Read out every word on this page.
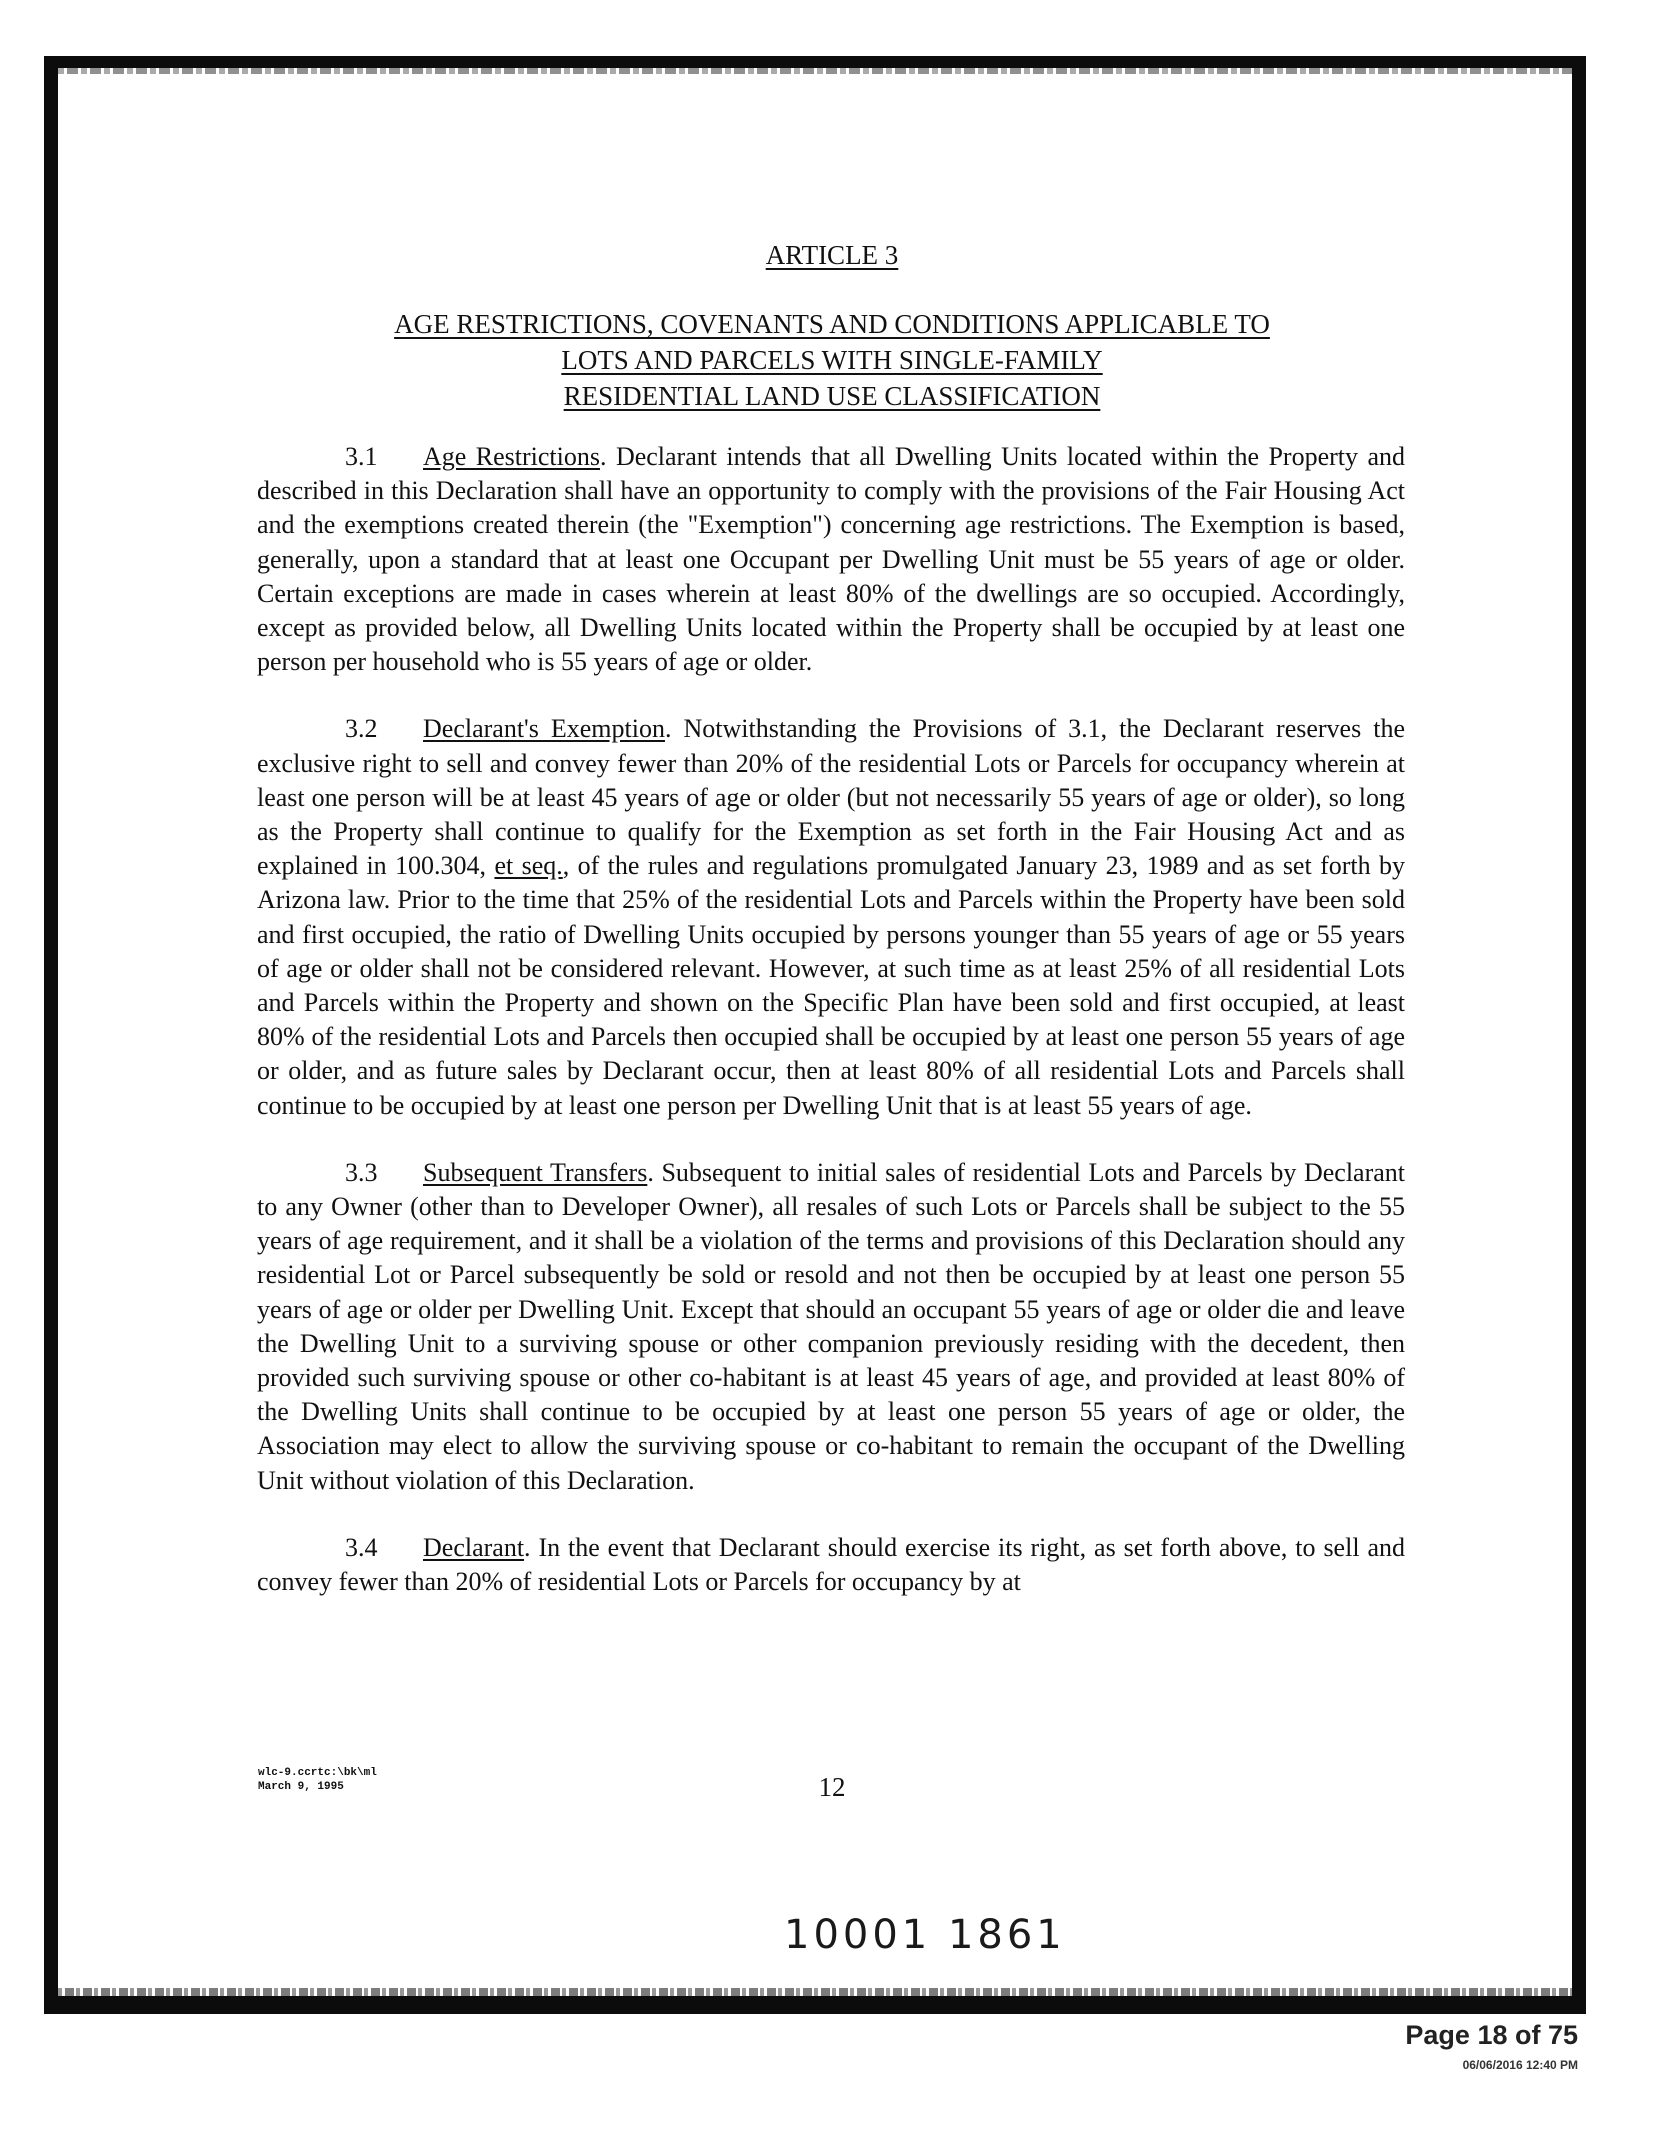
ARTICLE 3
AGE RESTRICTIONS, COVENANTS AND CONDITIONS APPLICABLE TO
LOTS AND PARCELS WITH SINGLE-FAMILY
RESIDENTIAL LAND USE CLASSIFICATION

3.1 Age Restrictions. Declarant intends that all Dwelling Units located within the Property and described in this Declaration shall have an opportunity to comply with the provisions of the Fair Housing Act and the exemptions created therein (the "Exemption") concerning age restrictions. The Exemption is based, generally, upon a standard that at least one Occupant per Dwelling Unit must be 55 years of age or older. Certain exceptions are made in cases wherein at least 80% of the dwellings are so occupied. Accordingly, except as provided below, all Dwelling Units located within the Property shall be occupied by at least one person per household who is 55 years of age or older.

3.2 Declarant's Exemption. Notwithstanding the Provisions of 3.1, the Declarant reserves the exclusive right to sell and convey fewer than 20% of the residential Lots or Parcels for occupancy wherein at least one person will be at least 45 years of age or older (but not necessarily 55 years of age or older), so long as the Property shall continue to qualify for the Exemption as set forth in the Fair Housing Act and as explained in 100.304, et seq., of the rules and regulations promulgated January 23, 1989 and as set forth by Arizona law. Prior to the time that 25% of the residential Lots and Parcels within the Property have been sold and first occupied, the ratio of Dwelling Units occupied by persons younger than 55 years of age or 55 years of age or older shall not be considered relevant. However, at such time as at least 25% of all residential Lots and Parcels within the Property and shown on the Specific Plan have been sold and first occupied, at least 80% of the residential Lots and Parcels then occupied shall be occupied by at least one person 55 years of age or older, and as future sales by Declarant occur, then at least 80% of all residential Lots and Parcels shall continue to be occupied by at least one person per Dwelling Unit that is at least 55 years of age.

3.3 Subsequent Transfers. Subsequent to initial sales of residential Lots and Parcels by Declarant to any Owner (other than to Developer Owner), all resales of such Lots or Parcels shall be subject to the 55 years of age requirement, and it shall be a violation of the terms and provisions of this Declaration should any residential Lot or Parcel subsequently be sold or resold and not then be occupied by at least one person 55 years of age or older per Dwelling Unit. Except that should an occupant 55 years of age or older die and leave the Dwelling Unit to a surviving spouse or other companion previously residing with the decedent, then provided such surviving spouse or other co-habitant is at least 45 years of age, and provided at least 80% of the Dwelling Units shall continue to be occupied by at least one person 55 years of age or older, the Association may elect to allow the surviving spouse or co-habitant to remain the occupant of the Dwelling Unit without violation of this Declaration.

3.4 Declarant. In the event that Declarant should exercise its right, as set forth above, to sell and convey fewer than 20% of residential Lots or Parcels for occupancy by at

wlc-9.ccrtc:\bk\ml
March 9, 1995	12
10001 1861
Page 18 of 75
06/06/2016 12:40 PM
